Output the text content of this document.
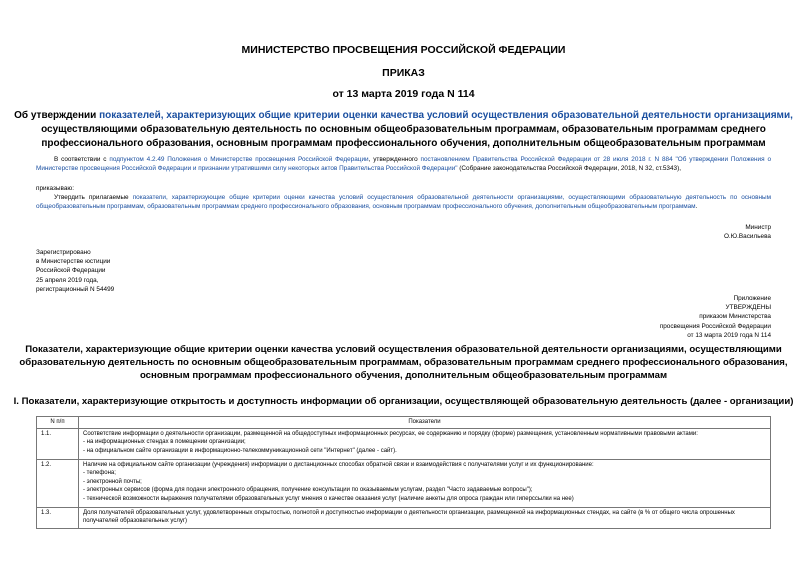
МИНИСТЕРСТВО ПРОСВЕЩЕНИЯ РОССИЙСКОЙ ФЕДЕРАЦИИ
ПРИКАЗ
от 13 марта 2019 года N 114
Об утверждении показателей, характеризующих общие критерии оценки качества условий осуществления образовательной деятельности организациями,
осуществляющими образовательную деятельность по основным общеобразовательным программам, образовательным программам среднего
профессионального образования, основным программам профессионального обучения, дополнительным общеобразовательным программам
В соответствии с подпунктом 4.2.49 Положения о Министерстве просвещения Российской Федерации, утвержденного постановлением Правительства Российской Федерации от 28 июля 2018 г. N 884 "Об утверждении Положения о Министерстве просвещения Российской Федерации и признании утратившими силу некоторых актов Правительства Российской Федерации" (Собрание законодательства Российской Федерации, 2018, N 32, ст.5343),
приказываю:
Утвердить прилагаемые показатели, характеризующие общие критерии оценки качества условий осуществления образовательной деятельности организациями, осуществляющими образовательную деятельность по основным общеобразовательным программам, образовательным программам среднего профессионального образования, основным программам профессионального обучения, дополнительным общеобразовательным программам.
Министр
О.Ю.Васильева
Зарегистрировано
в Министерстве юстиции
Российской Федерации
25 апреля 2019 года,
регистрационный N 54499
Приложение
УТВЕРЖДЕНЫ
приказом Министерства
просвещения Российской Федерации
от 13 марта 2019 года N 114
Показатели, характеризующие общие критерии оценки качества условий осуществления образовательной деятельности организациями, осуществляющими
образовательную деятельность по основным общеобразовательным программам, образовательным программам среднего профессионального образования,
основным программам профессионального обучения, дополнительным общеобразовательным программам
I. Показатели, характеризующие открытость и доступность информации об организации, осуществляющей образовательную деятельность (далее - организации)
N п/п	Показатели
1.1.	Соответствие информации о деятельности организации, размещенной на общедоступных информационных ресурсах, ее содержанию и порядку (форме) размещения, установленным нормативными правовыми актами:
- на информационных стендах в помещении организации;
- на официальном сайте организации в информационно-телекоммуникационной сети "Интернет" (далее - сайт).

1.2.	Наличие на официальном сайте организации (учреждения) информации о дистанционных способах обратной связи и взаимодействия с получателями услуг и их функционирование:
- телефона;
- электронной почты;
- электронных сервисов (форма для подачи электронного обращения, получение консультации по оказываемым услугам, раздел "Часто задаваемые вопросы");
- технической возможности выражения получателями образовательных услуг мнения о качестве оказания услуг (наличие анкеты для опроса граждан или гиперссылки на нее)

1.3.	Доля получателей образовательных услуг, удовлетворенных открытостью, полнотой и доступностью информации о деятельности организации, размещенной на информационных стендах, на сайте (в % от общего числа опрошенных получателей образовательных услуг)
